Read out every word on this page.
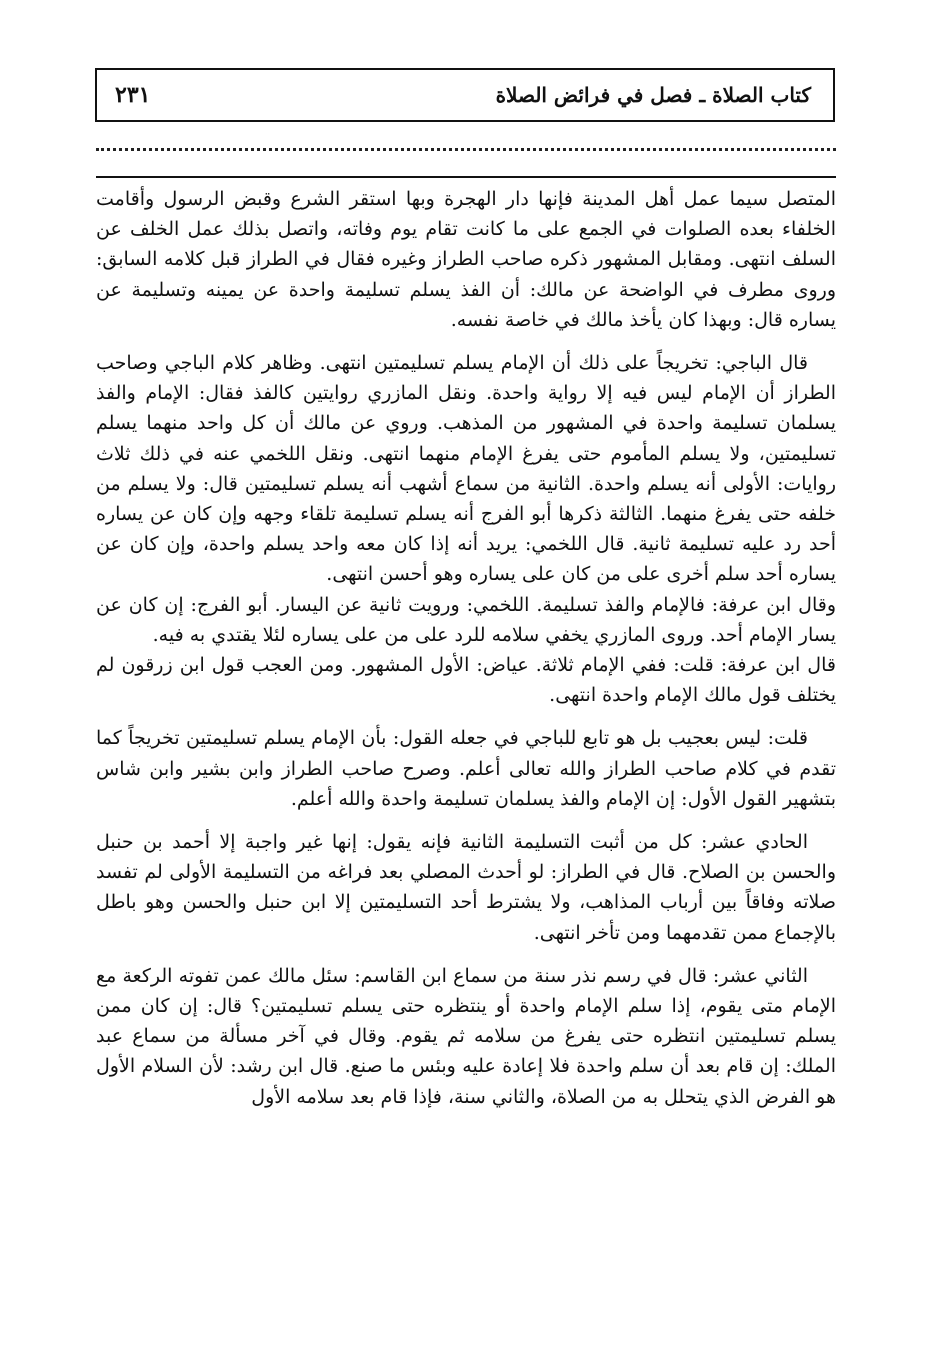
كتاب الصلاة ـ فصل في فرائض الصلاة
٢٣١

المتصل سيما عمل أهل المدينة فإنها دار الهجرة وبها استقر الشرع وقبض الرسول وأقامت الخلفاء بعده الصلوات في الجمع على ما كانت تقام يوم وفاته، واتصل بذلك عمل الخلف عن السلف انتهى. ومقابل المشهور ذكره صاحب الطراز وغيره فقال في الطراز قبل كلامه السابق: وروى مطرف في الواضحة عن مالك: أن الفذ يسلم تسليمة واحدة عن يمينه وتسليمة عن يساره قال: وبهذا كان يأخذ مالك في خاصة نفسه.

قال الباجي: تخريجاً على ذلك أن الإمام يسلم تسليمتين انتهى. وظاهر كلام الباجي وصاحب الطراز أن الإمام ليس فيه إلا رواية واحدة. ونقل المازري روايتين كالفذ فقال: الإمام والفذ يسلمان تسليمة واحدة في المشهور من المذهب. وروي عن مالك أن كل واحد منهما يسلم تسليمتين، ولا يسلم المأموم حتى يفرغ الإمام منهما انتهى. ونقل اللخمي عنه في ذلك ثلاث روايات: الأولى أنه يسلم واحدة. الثانية من سماع أشهب أنه يسلم تسليمتين قال: ولا يسلم من خلفه حتى يفرغ منهما. الثالثة ذكرها أبو الفرج أنه يسلم تسليمة تلقاء وجهه وإن كان عن يساره أحد رد عليه تسليمة ثانية. قال اللخمي: يريد أنه إذا كان معه واحد يسلم واحدة، وإن كان عن يساره أحد سلم أخرى على من كان على يساره وهو أحسن انتهى.

وقال ابن عرفة: فالإمام والفذ تسليمة. اللخمي: ورويت ثانية عن اليسار. أبو الفرج: إن كان عن يسار الإمام أحد. وروى المازري يخفي سلامه للرد على من على يساره لئلا يقتدي به فيه.

قال ابن عرفة: قلت: ففي الإمام ثلاثة. عياض: الأول المشهور. ومن العجب قول ابن زرقون لم يختلف قول مالك الإمام واحدة انتهى.

قلت: ليس بعجيب بل هو تابع للباجي في جعله القول: بأن الإمام يسلم تسليمتين تخريجاً كما تقدم في كلام صاحب الطراز والله تعالى أعلم. وصرح صاحب الطراز وابن بشير وابن شاس بتشهير القول الأول: إن الإمام والفذ يسلمان تسليمة واحدة والله أعلم.

الحادي عشر: كل من أثبت التسليمة الثانية فإنه يقول: إنها غير واجبة إلا أحمد بن حنبل والحسن بن الصلاح. قال في الطراز: لو أحدث المصلي بعد فراغه من التسليمة الأولى لم تفسد صلاته وفاقاً بين أرباب المذاهب، ولا يشترط أحد التسليمتين إلا ابن حنبل والحسن وهو باطل بالإجماع ممن تقدمهما ومن تأخر انتهى.

الثاني عشر: قال في رسم نذر سنة من سماع ابن القاسم: سئل مالك عمن تفوته الركعة مع الإمام متى يقوم، إذا سلم الإمام واحدة أو ينتظره حتى يسلم تسليمتين؟ قال: إن كان ممن يسلم تسليمتين انتظره حتى يفرغ من سلامه ثم يقوم. وقال في آخر مسألة من سماع عبد الملك: إن قام بعد أن سلم واحدة فلا إعادة عليه وبئس ما صنع. قال ابن رشد: لأن السلام الأول هو الفرض الذي يتحلل به من الصلاة، والثاني سنة، فإذا قام بعد سلامه الأول
